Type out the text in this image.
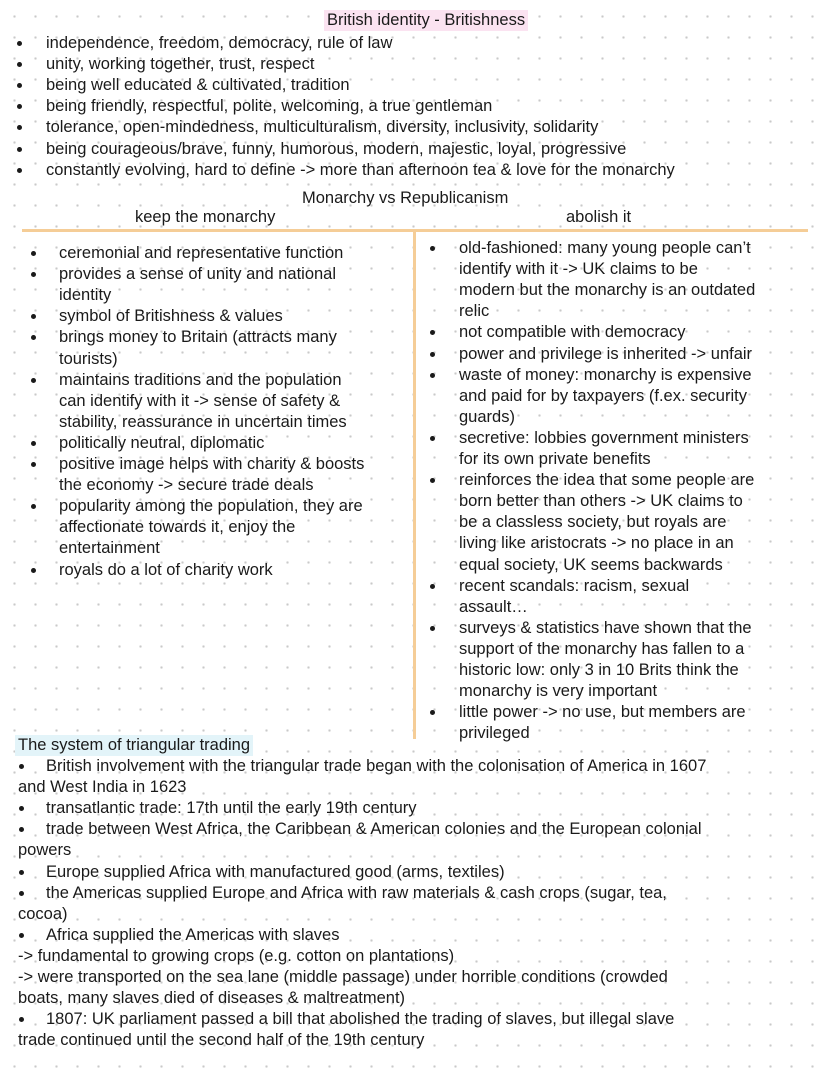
British identity - Britishness
independence, freedom, democracy, rule of law
unity, working together, trust, respect
being well educated & cultivated, tradition
being friendly, respectful, polite, welcoming, a true gentleman
tolerance, open-mindedness, multiculturalism, diversity, inclusivity, solidarity
being courageous/brave, funny, humorous, modern, majestic, loyal, progressive
constantly evolving, hard to define -> more than afternoon tea & love for the monarchy
Monarchy vs Republicanism
keep the monarchy	abolish it
ceremonial and representative function
provides a sense of unity and national
identity
symbol of Britishness & values
brings money to Britain (attracts many
tourists)
maintains traditions and the population
can identify with it -> sense of safety &
stability, reassurance in uncertain times
politically neutral, diplomatic
positive image helps with charity & boosts
the economy -> secure trade deals
popularity among the population, they are
affectionate towards it, enjoy the
entertainment
royals do a lot of charity work
old-fashioned: many young people can’t
identify with it -> UK claims to be
modern but the monarchy is an outdated
relic
not compatible with democracy
power and privilege is inherited -> unfair
waste of money: monarchy is expensive
and paid for by taxpayers (f.ex. security
guards)
secretive: lobbies government ministers
for its own private benefits
reinforces the idea that some people are
born better than others -> UK claims to
be a classless society, but royals are
living like aristocrats -> no place in an
equal society, UK seems backwards
recent scandals: racism, sexual
assault…
surveys & statistics have shown that the
support of the monarchy has fallen to a
historic low: only 3 in 10 Brits think the
monarchy is very important
little power -> no use, but members are
privileged
The system of triangular trading
British involvement with the triangular trade began with the colonisation of America in 1607
and West India in 1623
transatlantic trade: 17th until the early 19th century
trade between West Africa, the Caribbean & American colonies and the European colonial
powers
Europe supplied Africa with manufactured good (arms, textiles)
the Americas supplied Europe and Africa with raw materials & cash crops (sugar, tea,
cocoa)
Africa supplied the Americas with slaves
-> fundamental to growing crops (e.g. cotton on plantations)
-> were transported on the sea lane (middle passage) under horrible conditions (crowded
boats, many slaves died of diseases & maltreatment)
1807: UK parliament passed a bill that abolished the trading of slaves, but illegal slave
trade continued until the second half of the 19th century
